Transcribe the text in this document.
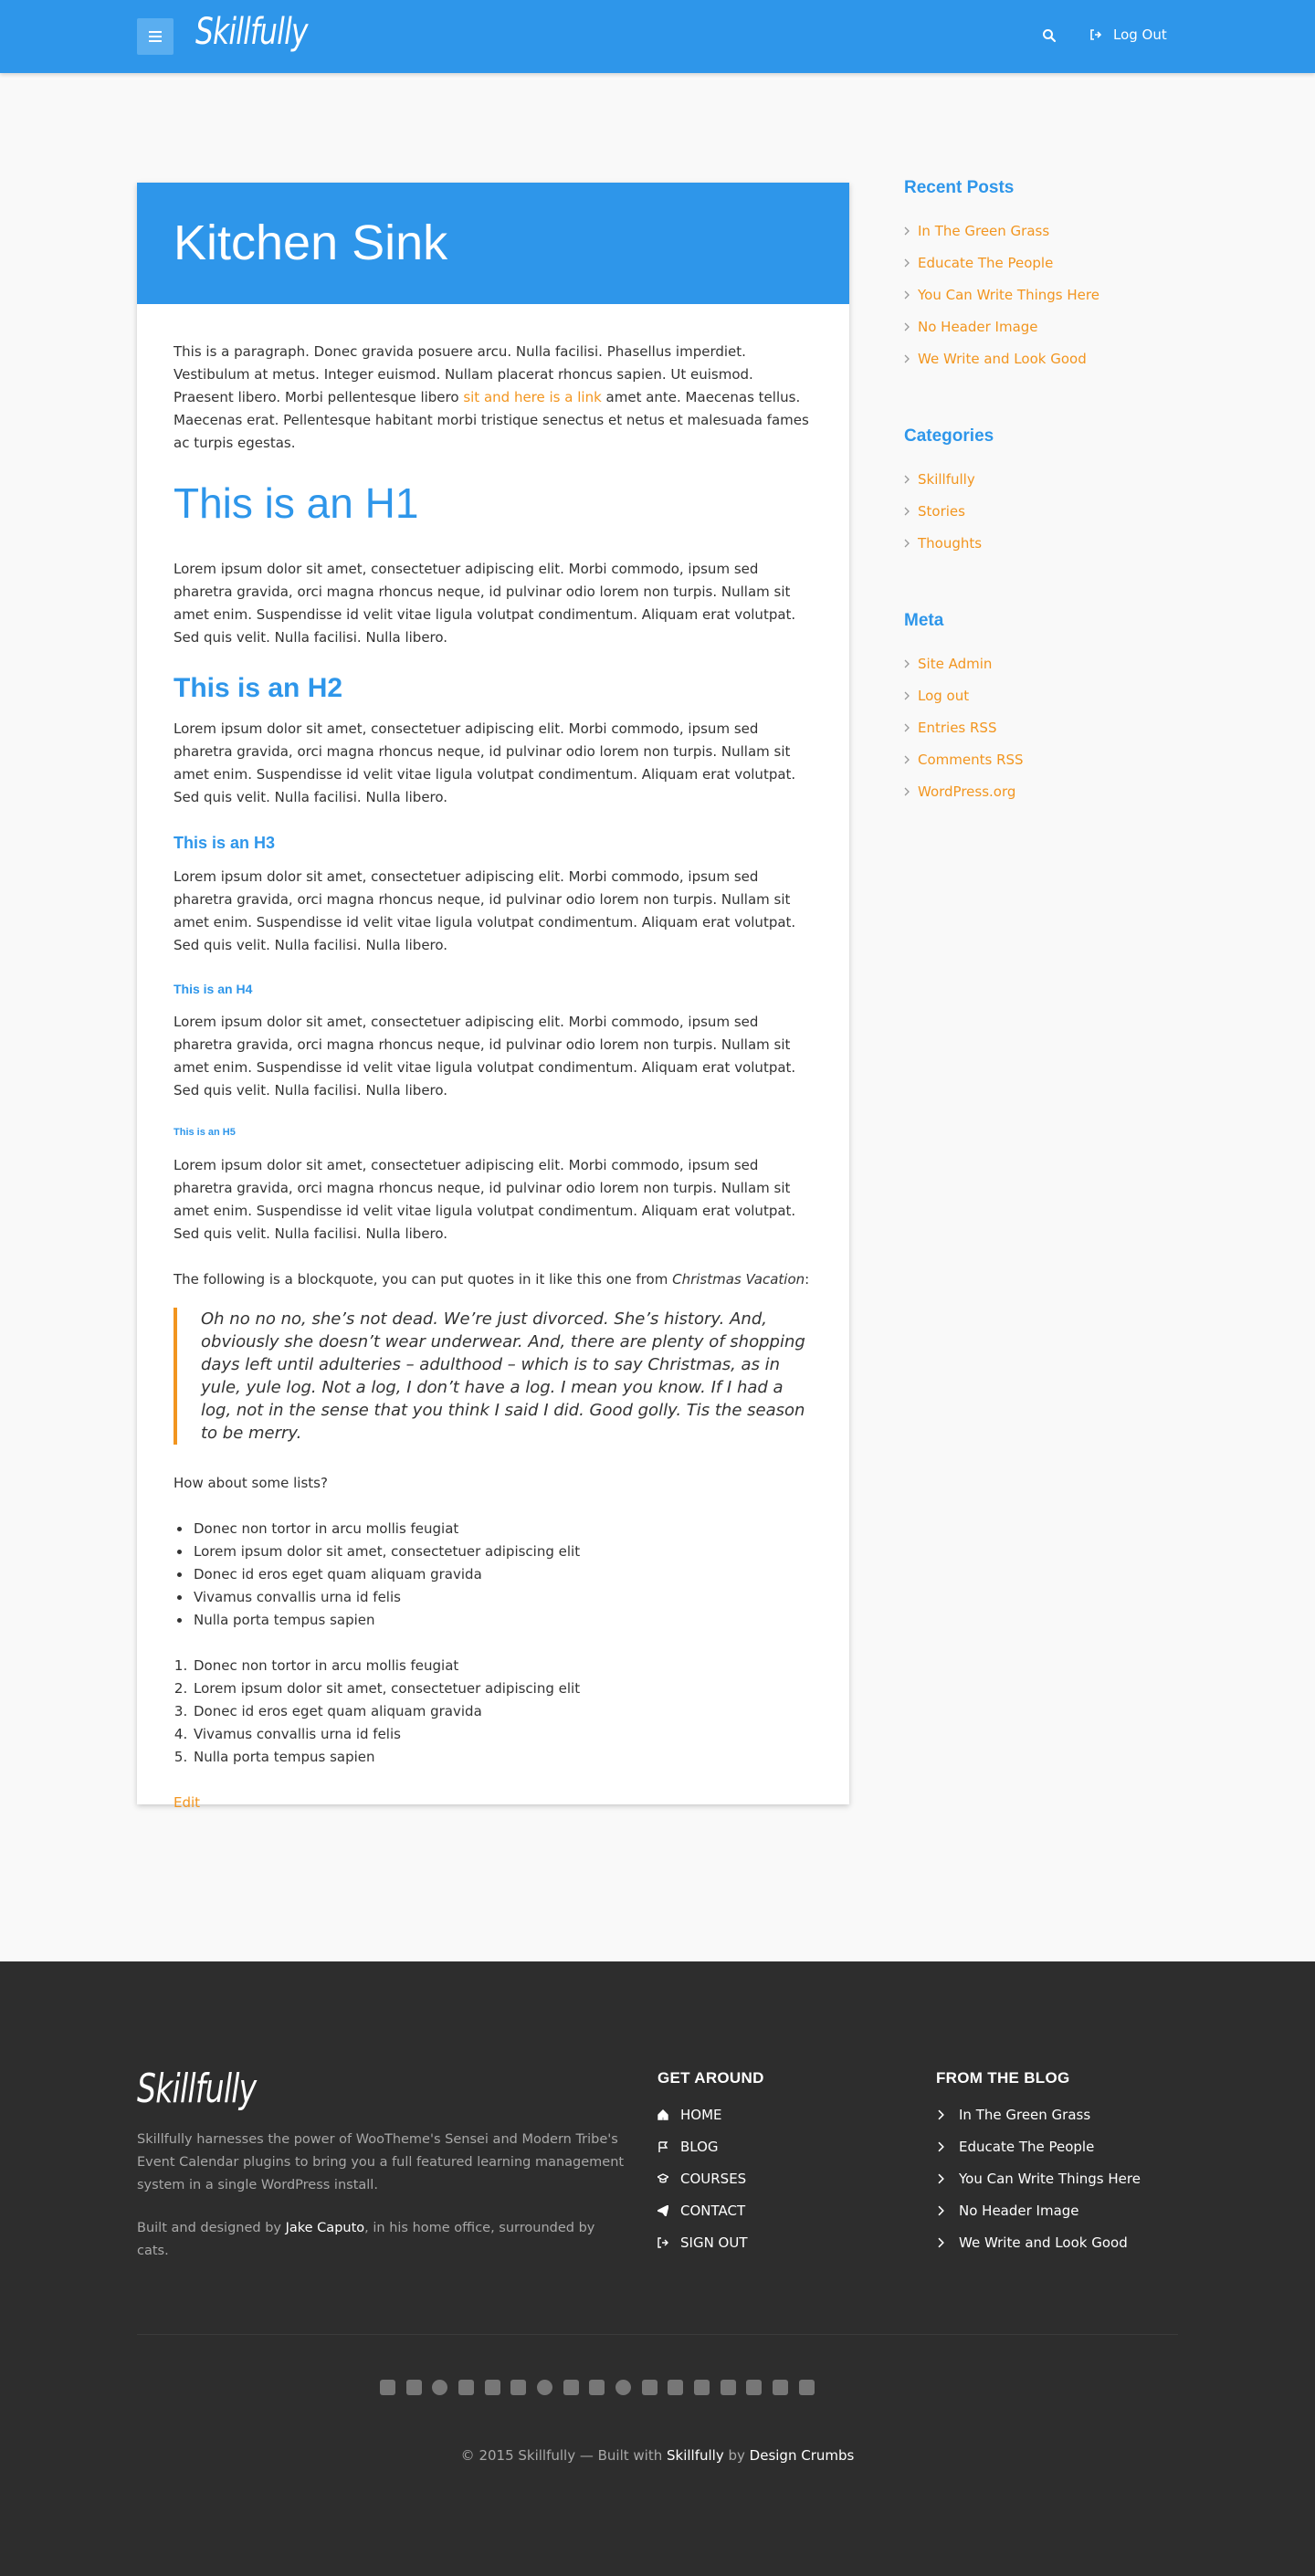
Skillfully	Log Out
Kitchen Sink

This is a paragraph. Donec gravida posuere arcu. Nulla facilisi. Phasellus imperdiet. Vestibulum at metus. Integer euismod. Nullam placerat rhoncus sapien. Ut euismod. Praesent libero. Morbi pellentesque libero sit and here is a link amet ante. Maecenas tellus. Maecenas erat. Pellentesque habitant morbi tristique senectus et netus et malesuada fames ac turpis egestas.

This is an H1

Lorem ipsum dolor sit amet, consectetuer adipiscing elit. Morbi commodo, ipsum sed pharetra gravida, orci magna rhoncus neque, id pulvinar odio lorem non turpis. Nullam sit amet enim. Suspendisse id velit vitae ligula volutpat condimentum. Aliquam erat volutpat. Sed quis velit. Nulla facilisi. Nulla libero.

This is an H2

Lorem ipsum dolor sit amet, consectetuer adipiscing elit. Morbi commodo, ipsum sed pharetra gravida, orci magna rhoncus neque, id pulvinar odio lorem non turpis. Nullam sit amet enim. Suspendisse id velit vitae ligula volutpat condimentum. Aliquam erat volutpat. Sed quis velit. Nulla facilisi. Nulla libero.

This is an H3

Lorem ipsum dolor sit amet, consectetuer adipiscing elit. Morbi commodo, ipsum sed pharetra gravida, orci magna rhoncus neque, id pulvinar odio lorem non turpis. Nullam sit amet enim. Suspendisse id velit vitae ligula volutpat condimentum. Aliquam erat volutpat. Sed quis velit. Nulla facilisi. Nulla libero.

This is an H4

Lorem ipsum dolor sit amet, consectetuer adipiscing elit. Morbi commodo, ipsum sed pharetra gravida, orci magna rhoncus neque, id pulvinar odio lorem non turpis. Nullam sit amet enim. Suspendisse id velit vitae ligula volutpat condimentum. Aliquam erat volutpat. Sed quis velit. Nulla facilisi. Nulla libero.

This is an H5

Lorem ipsum dolor sit amet, consectetuer adipiscing elit. Morbi commodo, ipsum sed pharetra gravida, orci magna rhoncus neque, id pulvinar odio lorem non turpis. Nullam sit amet enim. Suspendisse id velit vitae ligula volutpat condimentum. Aliquam erat volutpat. Sed quis velit. Nulla facilisi. Nulla libero.

The following is a blockquote, you can put quotes in it like this one from Christmas Vacation:

Oh no no no, she’s not dead. We’re just divorced. She’s history. And, obviously she doesn’t wear underwear. And, there are plenty of shopping days left until adulteries – adulthood – which is to say Christmas, as in yule, yule log. Not a log, I don’t have a log. I mean you know. If I had a log, not in the sense that you think I said I did. Good golly. Tis the season to be merry.

How about some lists?

• Donec non tortor in arcu mollis feugiat
• Lorem ipsum dolor sit amet, consectetuer adipiscing elit
• Donec id eros eget quam aliquam gravida
• Vivamus convallis urna id felis
• Nulla porta tempus sapien
1. Donec non tortor in arcu mollis feugiat
2. Lorem ipsum dolor sit amet, consectetuer adipiscing elit
3. Donec id eros eget quam aliquam gravida
4. Vivamus convallis urna id felis
5. Nulla porta tempus sapien
Edit
Recent Posts
In The Green Grass
Educate The People
You Can Write Things Here
No Header Image
We Write and Look Good
Categories
Skillfully
Stories
Thoughts
Meta
Site Admin
Log out
Entries RSS
Comments RSS
WordPress.org
Skillfully

Skillfully harnesses the power of WooTheme's Sensei and Modern Tribe's Event Calendar plugins to bring you a full featured learning management system in a single WordPress install.

Built and designed by Jake Caputo, in his home office, surrounded by cats.

GET AROUND
HOME
BLOG
COURSES
CONTACT
SIGN OUT
FROM THE BLOG
In The Green Grass
Educate The People
You Can Write Things Here
No Header Image
We Write and Look Good
© 2015 Skillfully — Built with Skillfully by Design Crumbs
